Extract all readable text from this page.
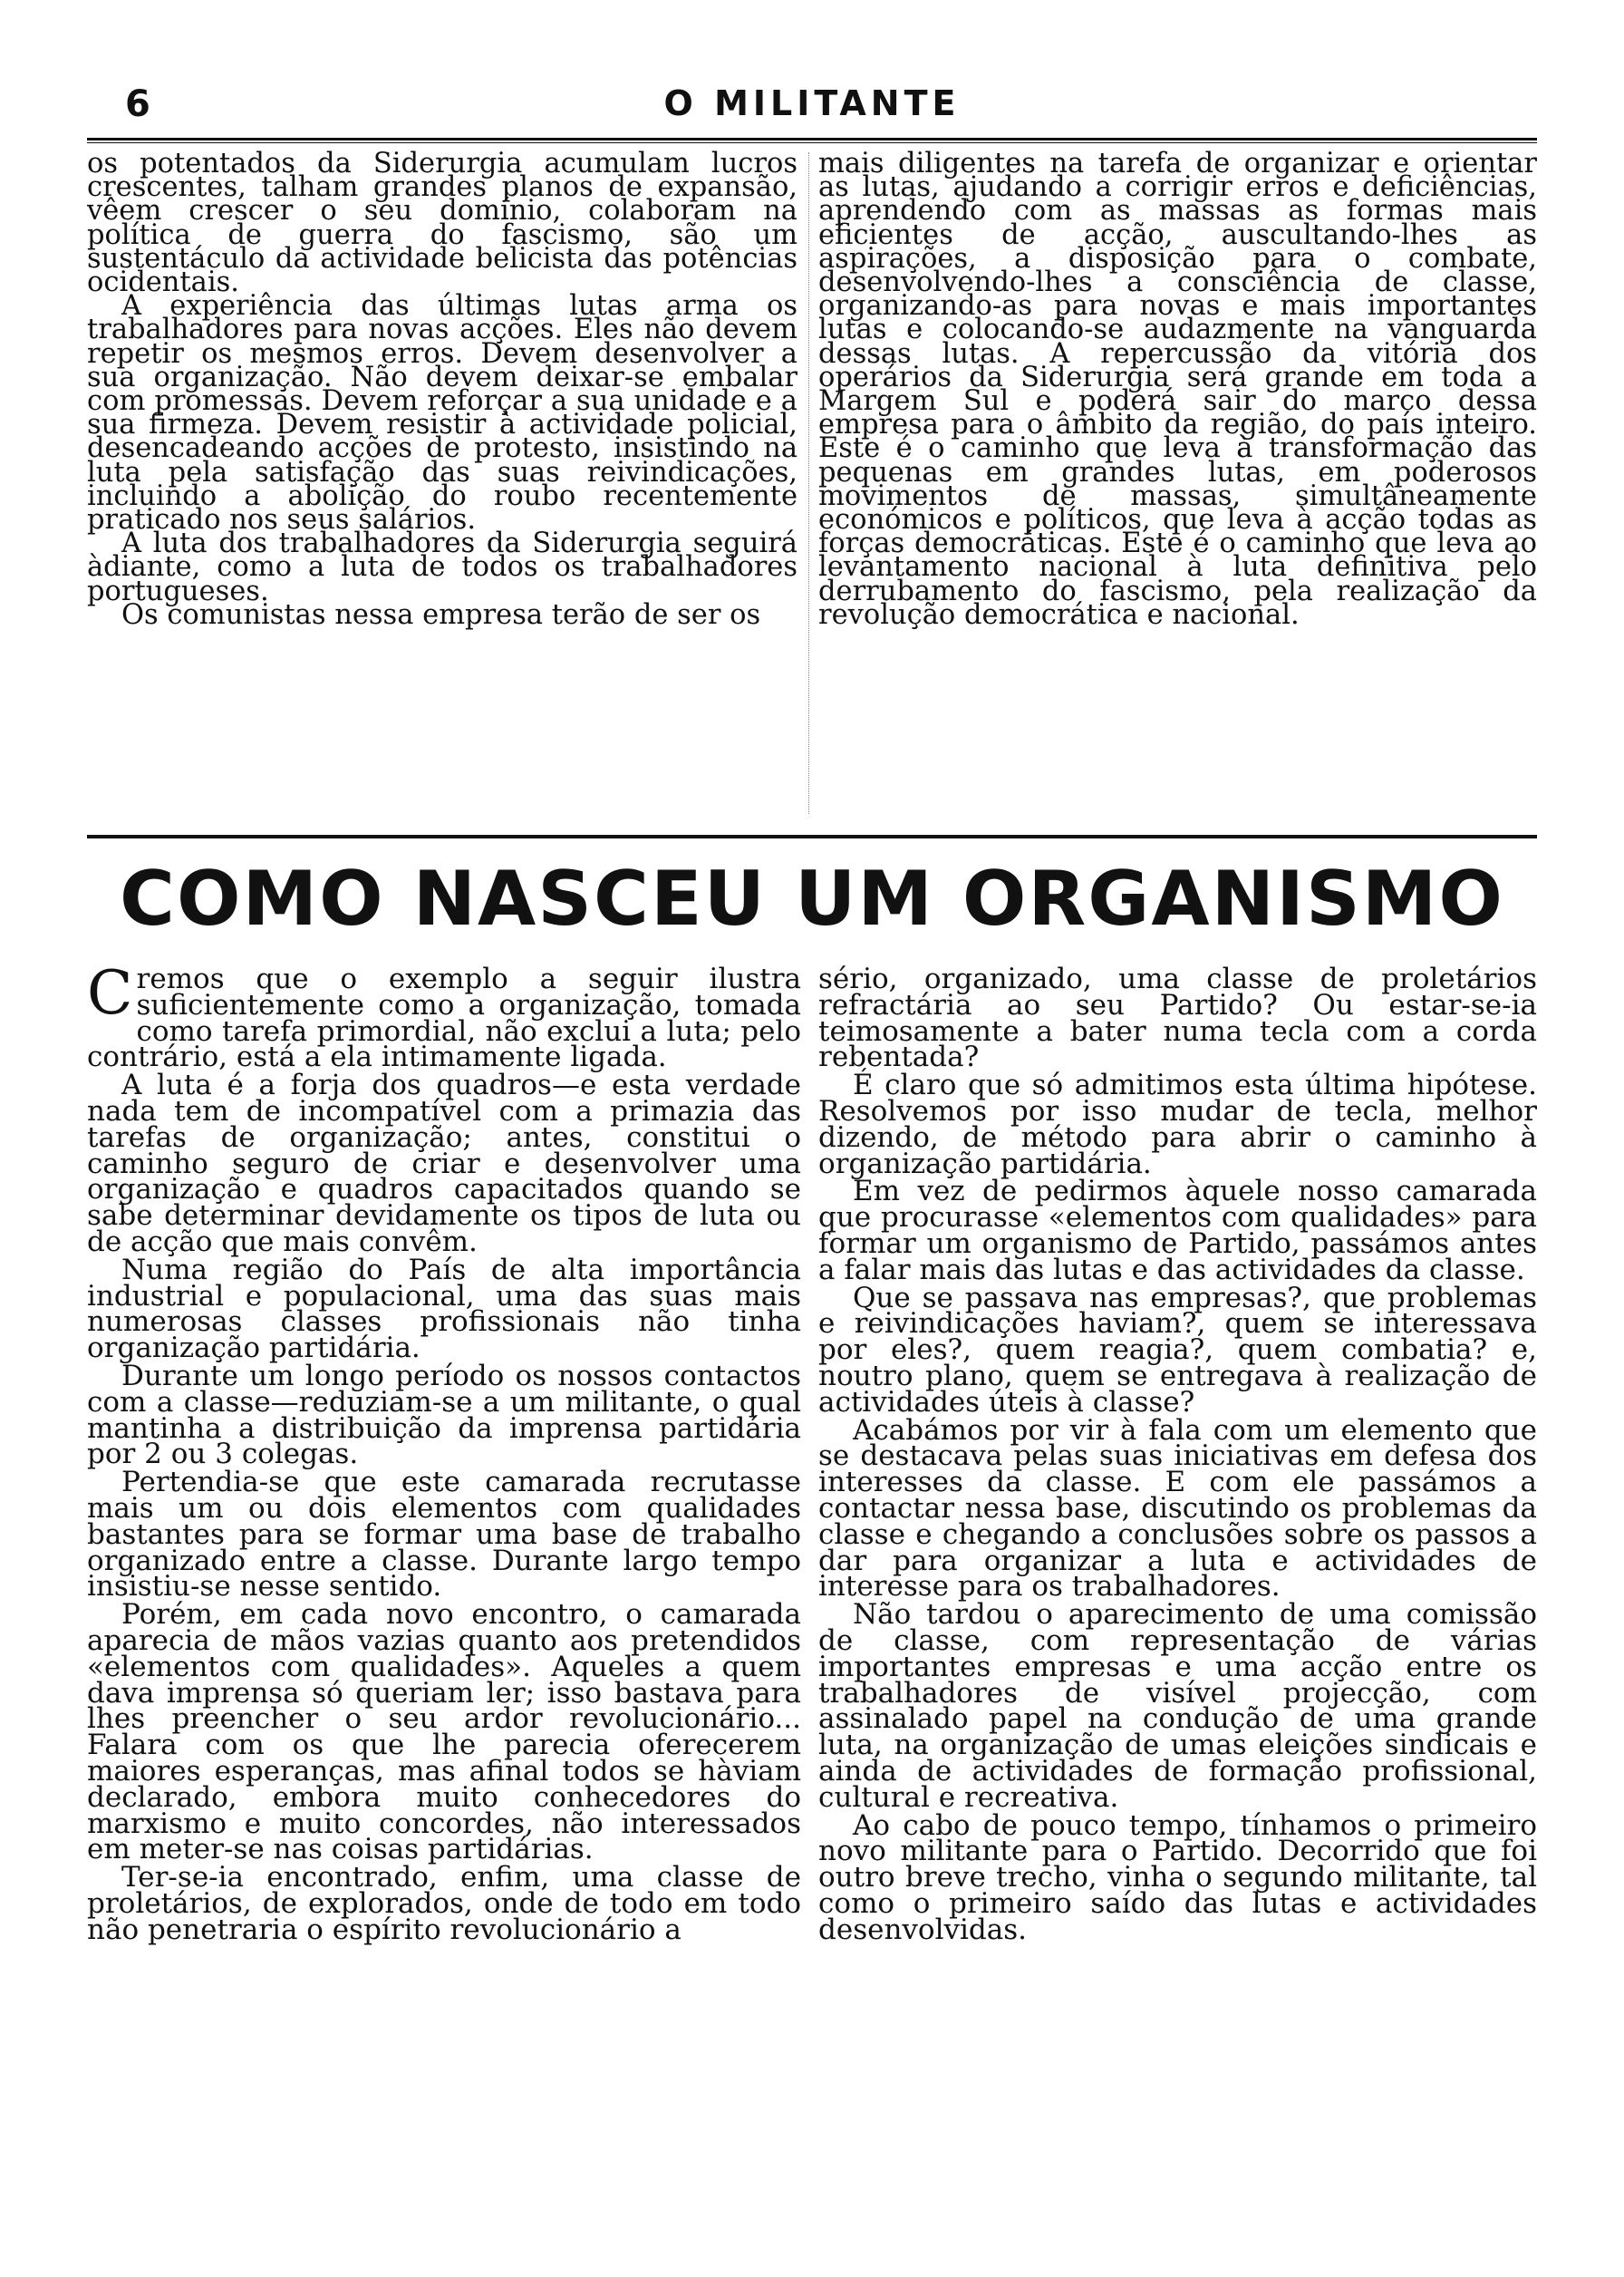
6	O MILITANTE

os potentados da Siderurgia acumulam lucros crescentes, talham grandes planos de expansão, vêem crescer o seu domínio, colaboram na política de guerra do fascismo, são um sustentáculo da actividade belicista das potências ocidentais.

A experiência das últimas lutas arma os trabalhadores para novas acções. Eles não devem repetir os mesmos erros. Devem desenvolver a sua organização. Não devem deixar-se embalar com promessas. Devem reforçar a sua unidade e a sua firmeza. Devem resistir à actividade policial, desencadeando acções de protesto, insistindo na luta pela satisfação das suas reivindicações, incluindo a abolição do roubo recentemente praticado nos seus salários.

A luta dos trabalhadores da Siderurgia seguirá àdiante, como a luta de todos os trabalhadores portugueses.

Os comunistas nessa empresa terão de ser os

mais diligentes na tarefa de organizar e orientar as lutas, ajudando a corrigir erros e deficiências, aprendendo com as massas as formas mais eficientes de acção, auscultando-lhes as aspirações, a disposição para o combate, desenvolvendo-lhes a consciência de classe, organizando-as para novas e mais importantes lutas e colocando-se audazmente na vanguarda dessas lutas. A repercussão da vitória dos operários da Siderurgia será grande em toda a Margem Sul e poderá sair do marco dessa empresa para o âmbito da região, do país inteiro. Este é o caminho que leva à transformação das pequenas em grandes lutas, em poderosos movimentos de massas, simultâneamente económicos e políticos, que leva à acção todas as forças democráticas. Este é o caminho que leva ao levantamento nacional à luta definitiva pelo derrubamento do fascismo, pela realização da revolução democrática e nacional.

COMO NASCEU UM ORGANISMO

Cremos que o exemplo a seguir ilustra suficientemente como a organização, tomada como tarefa primordial, não exclui a luta; pelo contrário, está a ela intimamente ligada.

A luta é a forja dos quadros—e esta verdade nada tem de incompatível com a primazia das tarefas de organização; antes, constitui o caminho seguro de criar e desenvolver uma organização e quadros capacitados quando se sabe determinar devidamente os tipos de luta ou de acção que mais convêm.

Numa região do País de alta importância industrial e populacional, uma das suas mais numerosas classes profissionais não tinha organização partidária.

Durante um longo período os nossos contactos com a classe—reduziam-se a um militante, o qual mantinha a distribuição da imprensa partidária por 2 ou 3 colegas.

Pertendia-se que este camarada recrutasse mais um ou dois elementos com qualidades bastantes para se formar uma base de trabalho organizado entre a classe. Durante largo tempo insistiu-se nesse sentido.

Porém, em cada novo encontro, o camarada aparecia de mãos vazias quanto aos pretendidos «elementos com qualidades». Aqueles a quem dava imprensa só queriam ler; isso bastava para lhes preencher o seu ardor revolucionário... Falara com os que lhe parecia oferecerem maiores esperanças, mas afinal todos se hàviam declarado, embora muito conhecedores do marxismo e muito concordes, não interessados em meter-se nas coisas partidárias.

Ter-se-ia encontrado, enfim, uma classe de proletários, de explorados, onde de todo em todo não penetraria o espírito revolucionário a

sério, organizado, uma classe de proletários refractária ao seu Partido? Ou estar-se-ia teimosamente a bater numa tecla com a corda rebentada?

É claro que só admitimos esta última hipótese. Resolvemos por isso mudar de tecla, melhor dizendo, de método para abrir o caminho à organização partidária.

Em vez de pedirmos àquele nosso camarada que procurasse «elementos com qualidades» para formar um organismo de Partido, passámos antes a falar mais das lutas e das actividades da classe.

Que se passava nas empresas?, que problemas e reivindicações haviam?, quem se interessava por eles?, quem reagia?, quem combatia? e, noutro plano, quem se entregava à realização de actividades úteis à classe?

Acabámos por vir à fala com um elemento que se destacava pelas suas iniciativas em defesa dos interesses da classe. E com ele passámos a contactar nessa base, discutindo os problemas da classe e chegando a conclusões sobre os passos a dar para organizar a luta e actividades de interesse para os trabalhadores.

Não tardou o aparecimento de uma comissão de classe, com representação de várias importantes empresas e uma acção entre os trabalhadores de visível projecção, com assinalado papel na condução de uma grande luta, na organização de umas eleições sindicais e ainda de actividades de formação profissional, cultural e recreativa.

Ao cabo de pouco tempo, tínhamos o primeiro novo militante para o Partido. Decorrido que foi outro breve trecho, vinha o segundo militante, tal como o primeiro saído das lutas e actividades desenvolvidas.
